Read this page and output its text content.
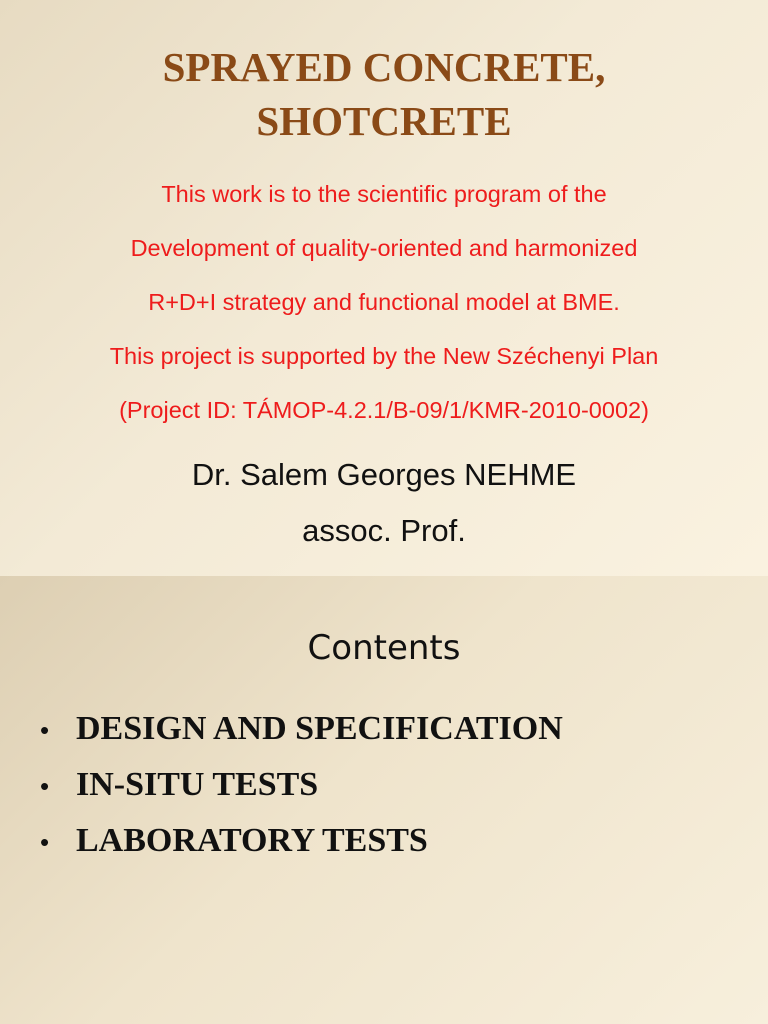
SPRAYED CONCRETE,
SHOTCRETE
This work is to the scientific program of the
Development of quality-oriented and harmonized
R+D+I strategy and functional model at BME.
This project is supported by the New Széchenyi Plan
(Project ID: TÁMOP-4.2.1/B-09/1/KMR-2010-0002)
Dr. Salem Georges NEHME
assoc. Prof.
Contents
• DESIGN AND SPECIFICATION
• IN-SITU TESTS
• LABORATORY TESTS
